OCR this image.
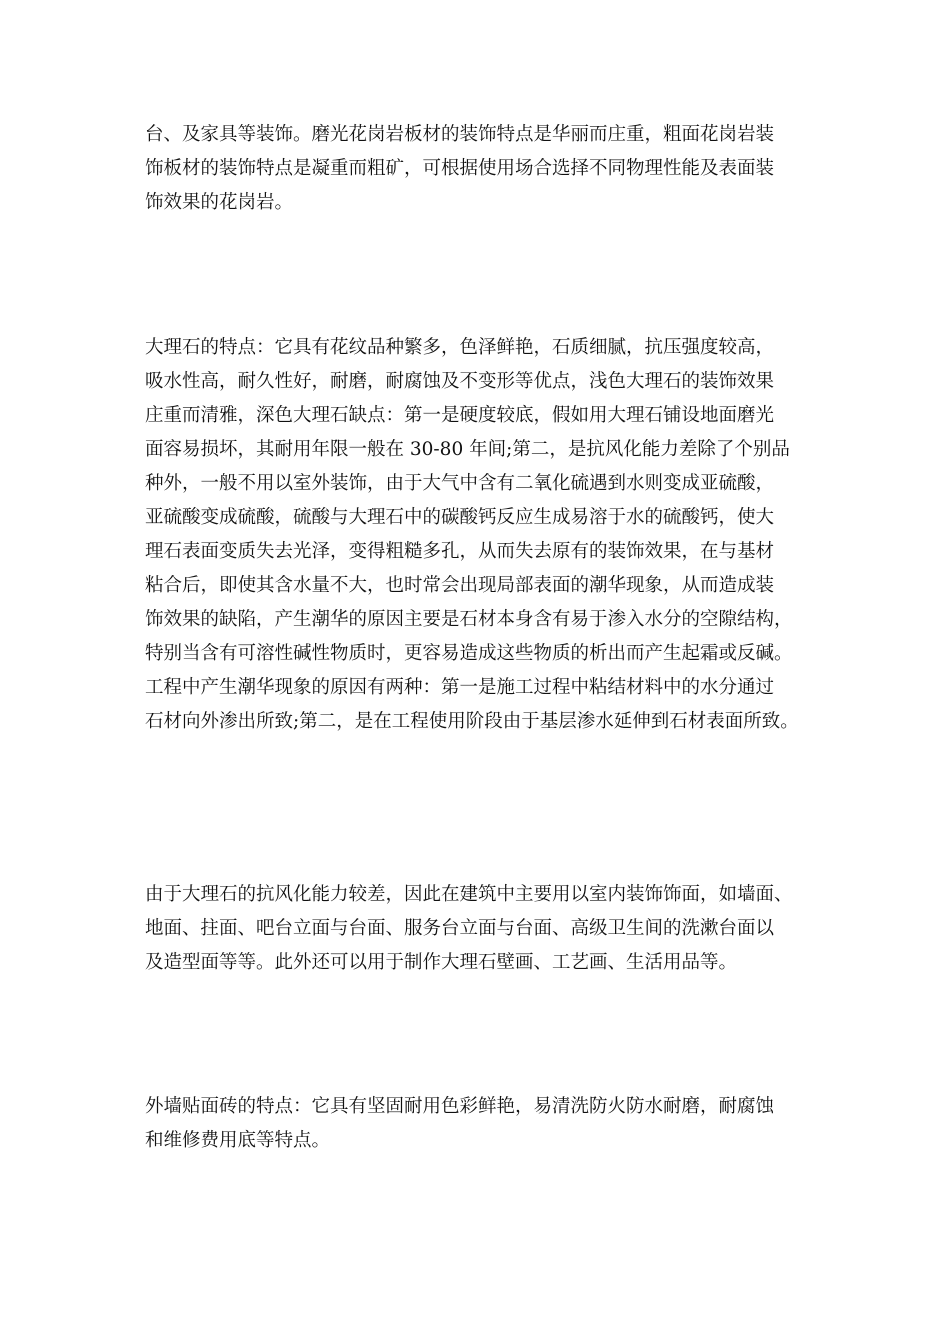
台、及家具等装饰。磨光花岗岩板材的装饰特点是华丽而庄重，粗面花岗岩装
饰板材的装饰特点是凝重而粗矿，可根据使用场合选择不同物理性能及表面装
饰效果的花岗岩。
大理石的特点：它具有花纹品种繁多，色泽鲜艳，石质细腻，抗压强度较高，
吸水性高，耐久性好，耐磨，耐腐蚀及不变形等优点，浅色大理石的装饰效果
庄重而清雅，深色大理石缺点：第一是硬度较底，假如用大理石铺设地面磨光
面容易损坏，其耐用年限一般在 30-80 年间;第二，是抗风化能力差除了个别品
种外，一般不用以室外装饰，由于大气中含有二氧化硫遇到水则变成亚硫酸，
亚硫酸变成硫酸，硫酸与大理石中的碳酸钙反应生成易溶于水的硫酸钙，使大
理石表面变质失去光泽，变得粗糙多孔，从而失去原有的装饰效果，在与基材
粘合后，即使其含水量不大，也时常会出现局部表面的潮华现象，从而造成装
饰效果的缺陷，产生潮华的原因主要是石材本身含有易于渗入水分的空隙结构，
特别当含有可溶性碱性物质时，更容易造成这些物质的析出而产生起霜或反碱。
工程中产生潮华现象的原因有两种：第一是施工过程中粘结材料中的水分通过
石材向外渗出所致;第二，是在工程使用阶段由于基层渗水延伸到石材表面所致。
由于大理石的抗风化能力较差，因此在建筑中主要用以室内装饰饰面，如墙面、
地面、拄面、吧台立面与台面、服务台立面与台面、高级卫生间的洗漱台面以
及造型面等等。此外还可以用于制作大理石壁画、工艺画、生活用品等。
外墙贴面砖的特点：它具有坚固耐用色彩鲜艳，易清洗防火防水耐磨，耐腐蚀
和维修费用底等特点。
